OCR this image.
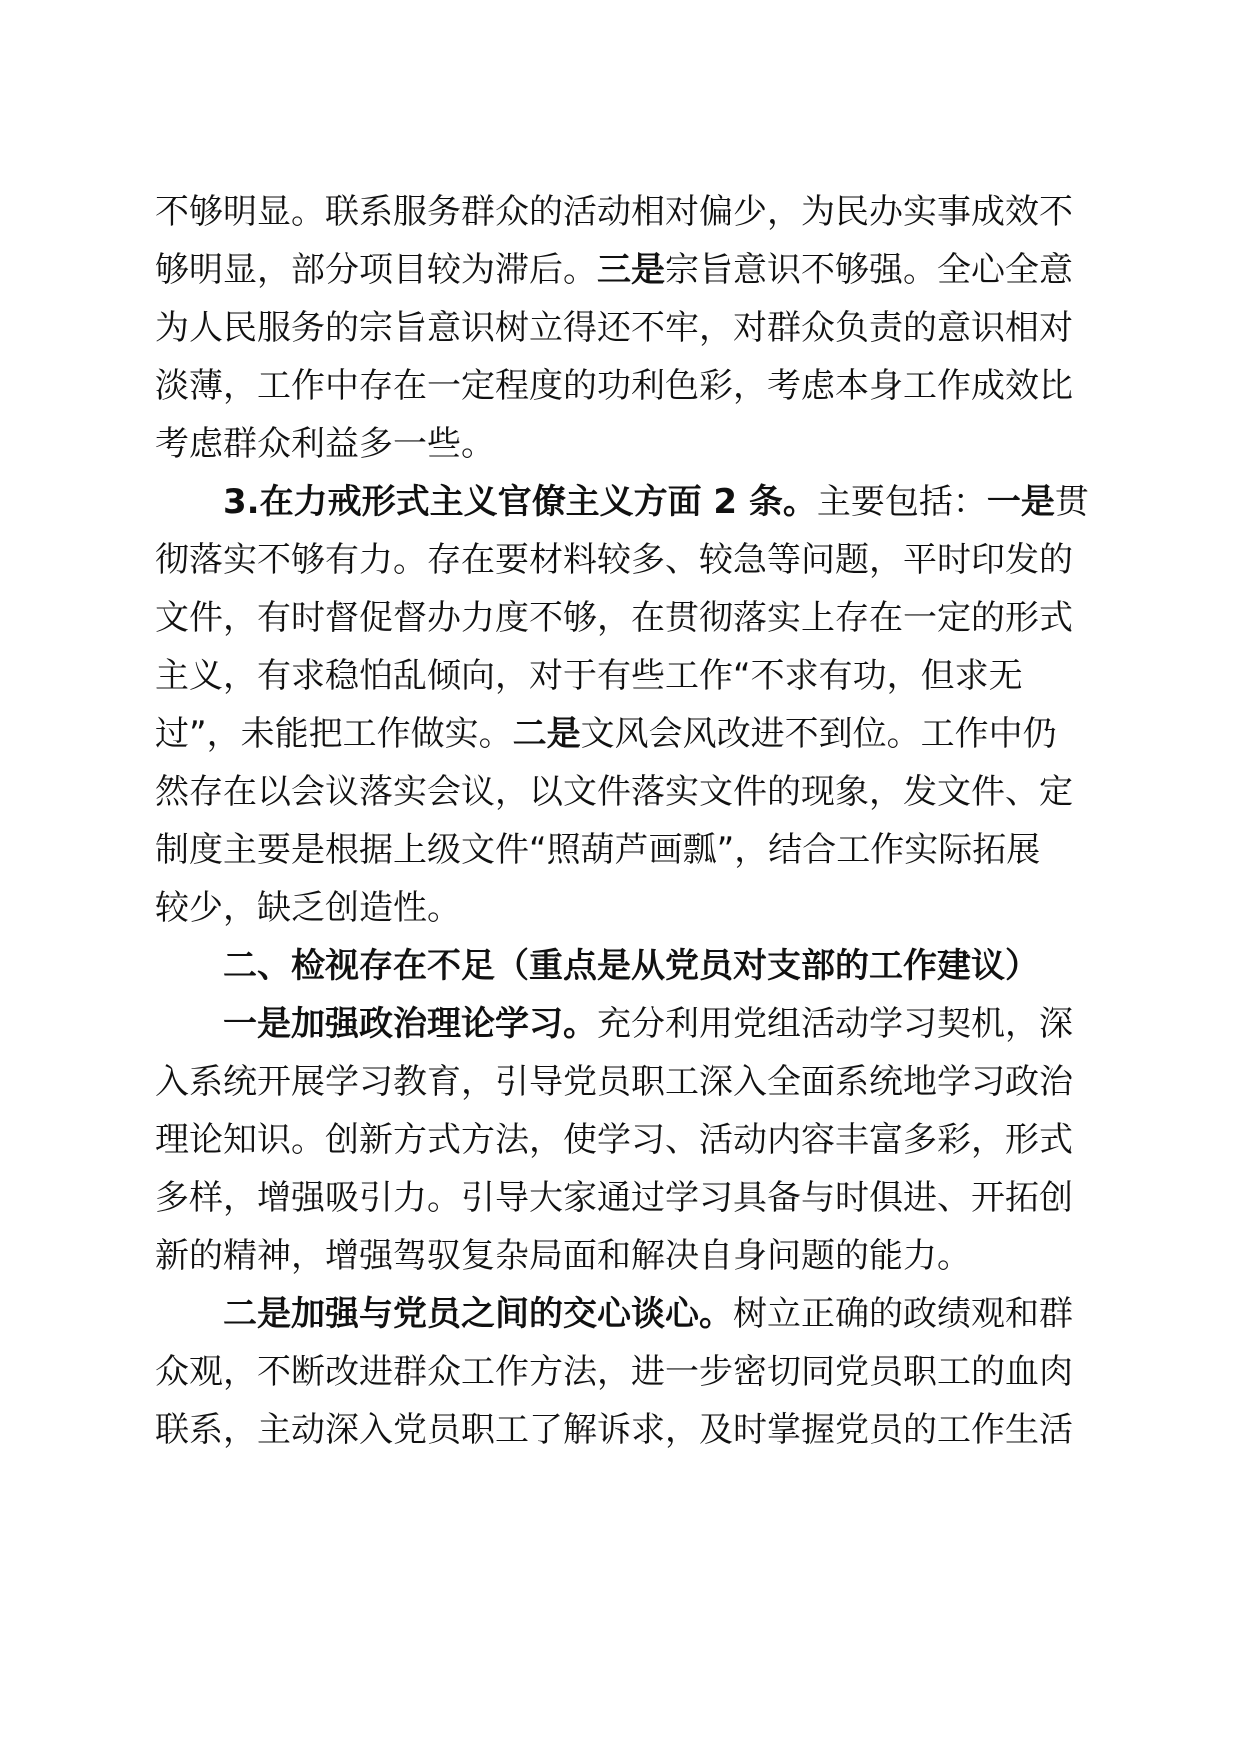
不够明显。联系服务群众的活动相对偏少，为民办实事成效不
够明显，部分项目较为滞后。三是宗旨意识不够强。全心全意
为人民服务的宗旨意识树立得还不牢，对群众负责的意识相对
淡薄，工作中存在一定程度的功利色彩，考虑本身工作成效比
考虑群众利益多一些。
3.在力戒形式主义官僚主义方面 2 条。主要包括：一是贯
彻落实不够有力。存在要材料较多、较急等问题，平时印发的
文件，有时督促督办力度不够，在贯彻落实上存在一定的形式
主义，有求稳怕乱倾向，对于有些工作“不求有功，但求无
过”，未能把工作做实。二是文风会风改进不到位。工作中仍
然存在以会议落实会议，以文件落实文件的现象，发文件、定
制度主要是根据上级文件“照葫芦画瓢”，结合工作实际拓展
较少，缺乏创造性。
二、检视存在不足（重点是从党员对支部的工作建议）
一是加强政治理论学习。充分利用党组活动学习契机，深
入系统开展学习教育，引导党员职工深入全面系统地学习政治
理论知识。创新方式方法，使学习、活动内容丰富多彩，形式
多样，增强吸引力。引导大家通过学习具备与时俱进、开拓创
新的精神，增强驾驭复杂局面和解决自身问题的能力。
二是加强与党员之间的交心谈心。树立正确的政绩观和群
众观，不断改进群众工作方法，进一步密切同党员职工的血肉
联系，主动深入党员职工了解诉求，及时掌握党员的工作生活
